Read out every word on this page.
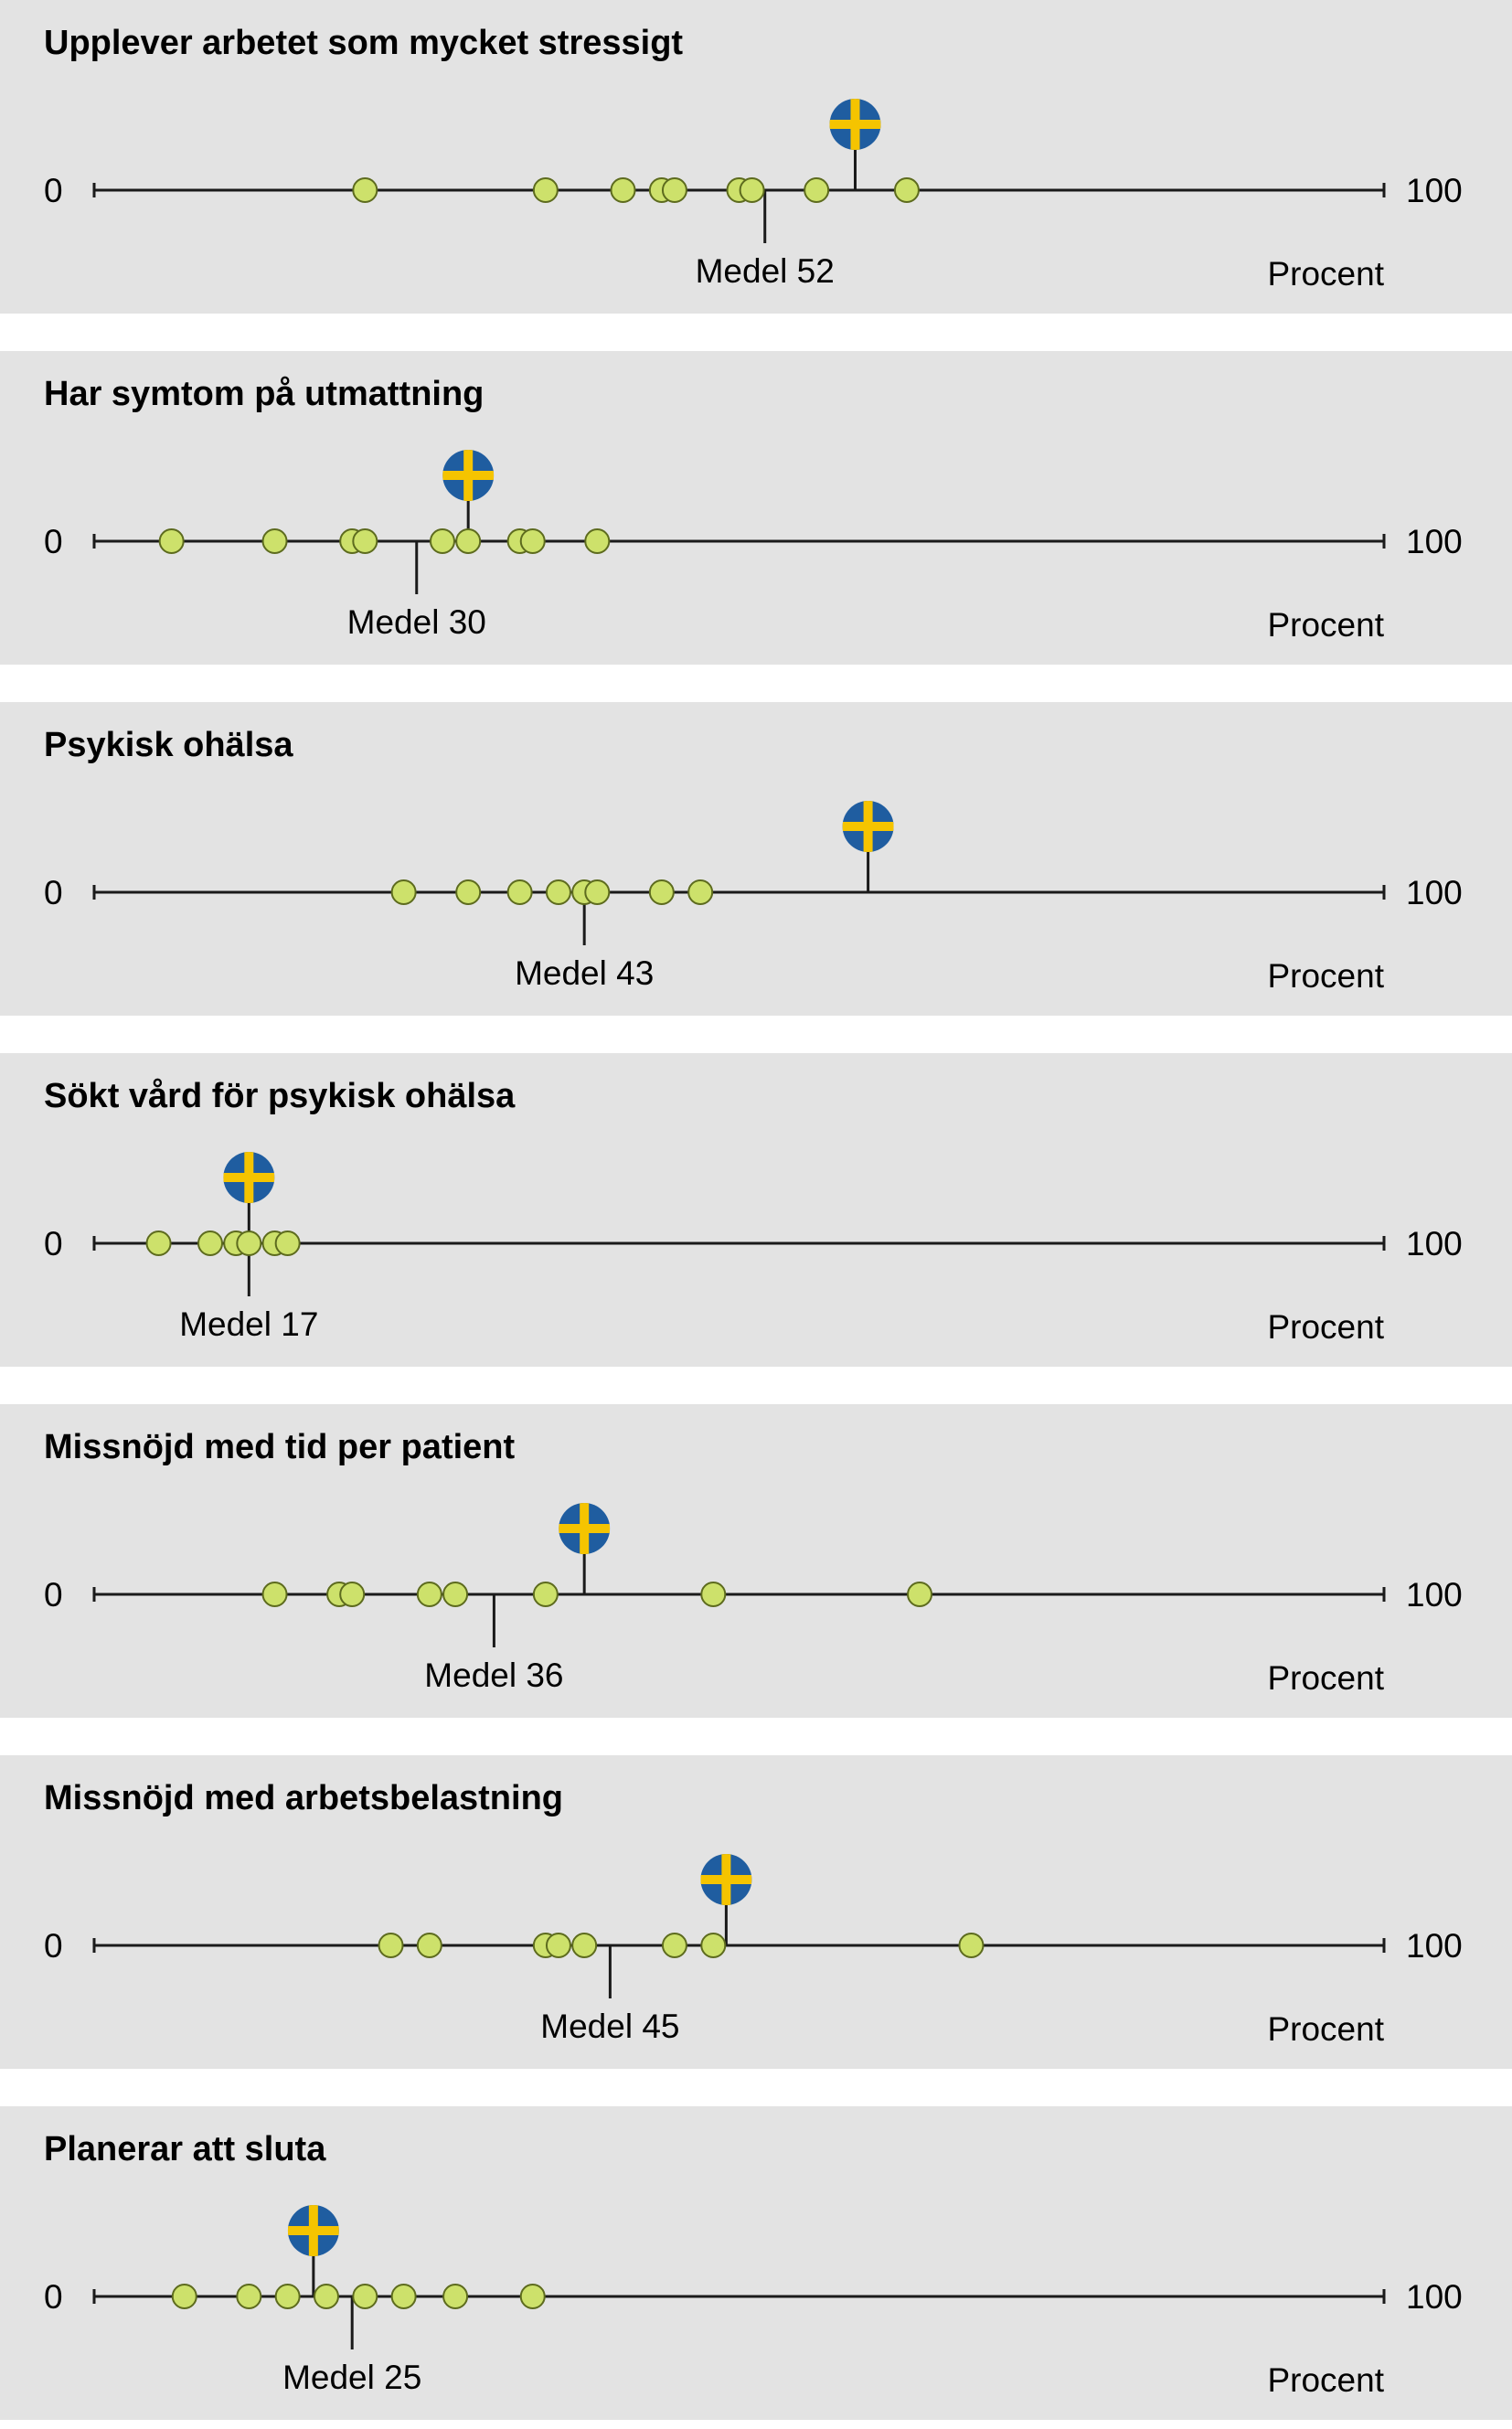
Upplever arbetet som mycket stressigt
0	100
Procent
Medel 52
Har symtom på utmattning
0	100
Procent
Medel 30
Psykisk ohälsa
0	100
Procent
Medel 43
Sökt vård för psykisk ohälsa
0	100
Procent
Medel 17
Missnöjd med tid per patient
0	100
Procent
Medel 36
Missnöjd med arbetsbelastning
0	100
Procent
Medel 45
Planerar att sluta
0	100
Procent
Medel 25
